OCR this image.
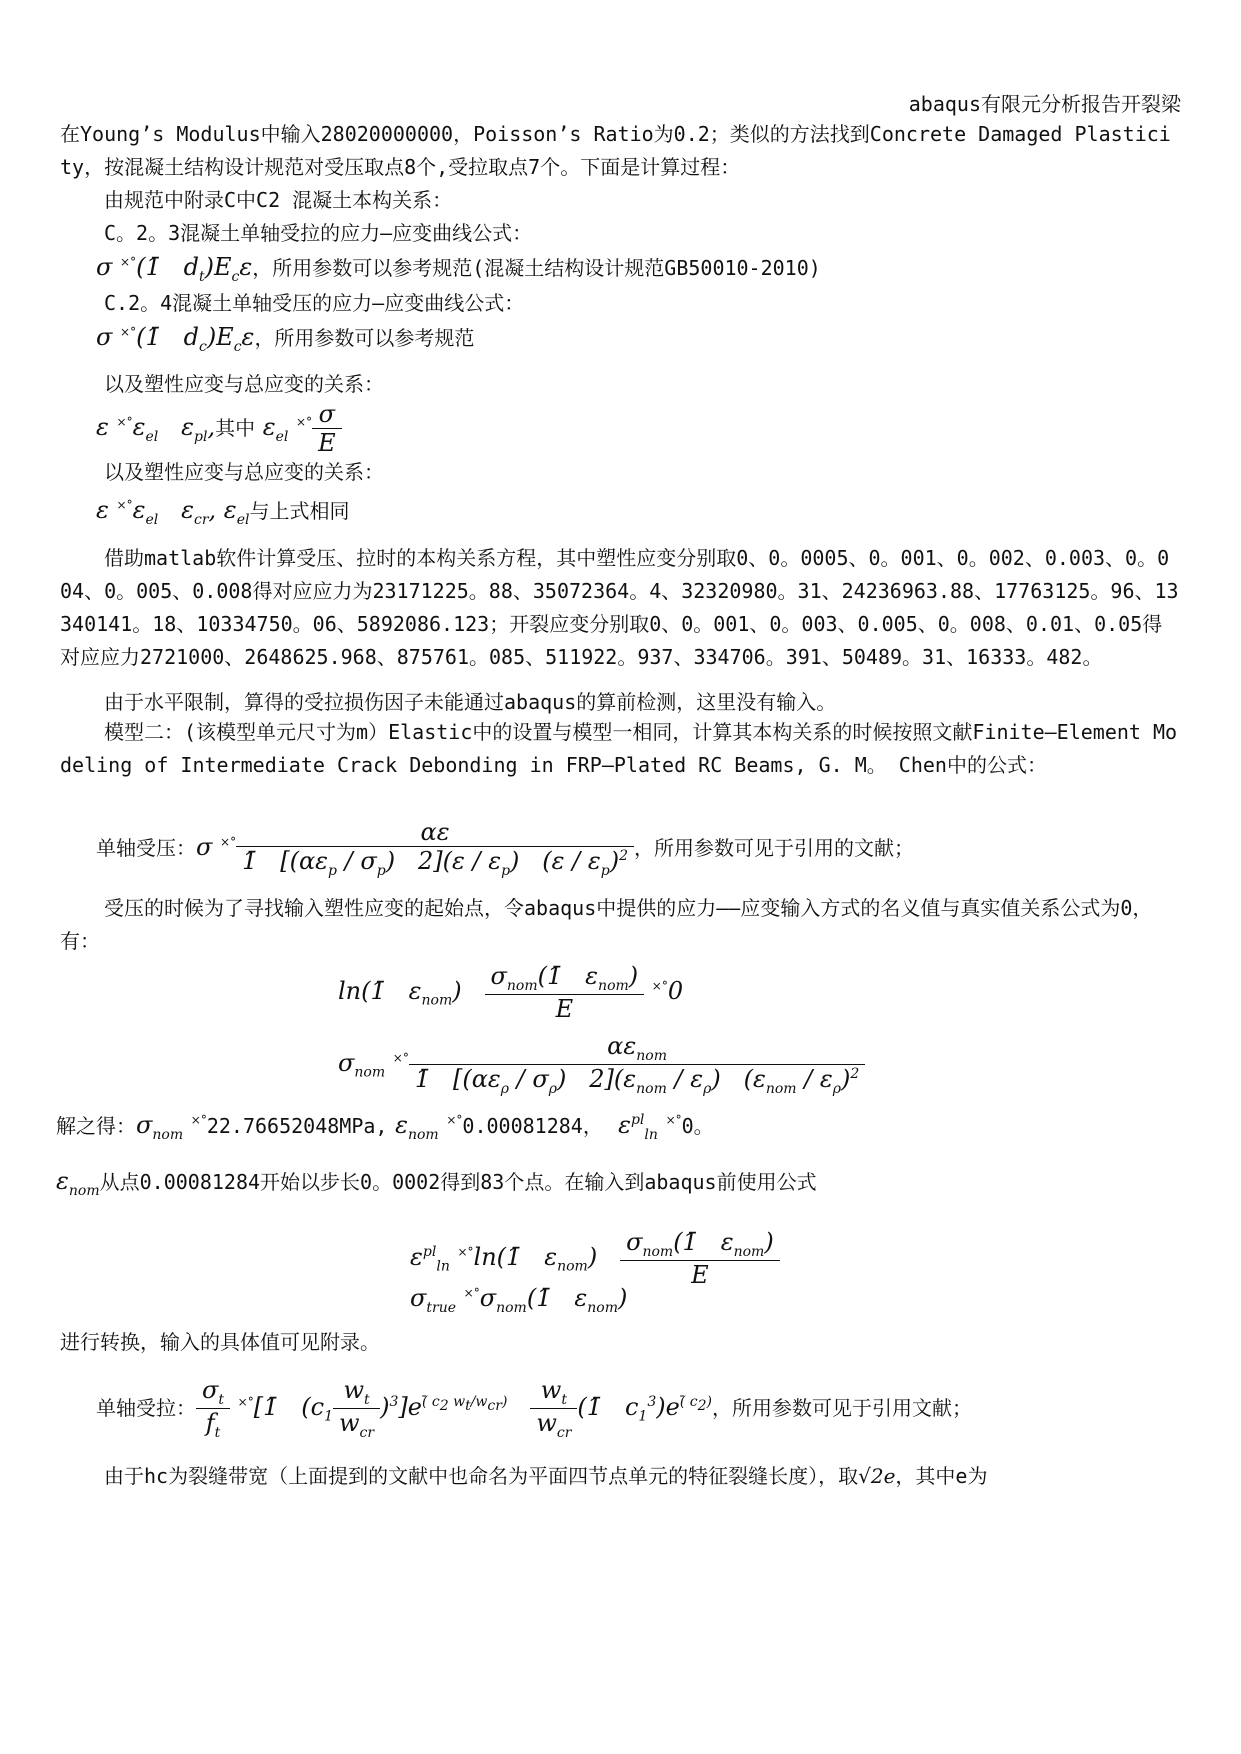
abaqus有限元分析报告开裂梁
在Young’s Modulus中输入28020000000，Poisson’s Ratio为0.2；类似的方法找到Concrete Damaged Plasticity，按混凝土结构设计规范对受压取点8个,受拉取点7个。下面是计算过程：
由规范中附录C中C2 混凝土本构关系：
C。2。3混凝土单轴受拉的应力—应变曲线公式：
σ ×°(1̄   $d_t)E_c\varepsilon$，所用参数可以参考规范(混凝土结构设计规范GB50010-2010)
C.2。4混凝土单轴受压的应力—应变曲线公式：
σ ×°(1̄   $d_c)E_c\varepsilon$，所用参数可以参考规范
以及塑性应变与总应变的关系：
ε $^{\times^\circ}\varepsilon_{el}$   $\varepsilon_{pl}$,其中 $\varepsilon_{el}$ $^{\times^\circ} \frac{\sigma}{E}$
以及塑性应变与总应变的关系：
ε $^{\times^\circ}\varepsilon_{el}$   $\varepsilon_{cr}$, $\varepsilon_{el}$与上式相同
借助matlab软件计算受压、拉时的本构关系方程，其中塑性应变分别取0、0。0005、0。001、0。002、0.003、0。004、0。005、0.008得对应应力为23171225。88、35072364。4、32320980。31、24236963.88、17763125。96、13340141。18、10334750。06、5892086.123；开裂应变分别取0、0。001、0。003、0.005、0。008、0.01、0.05得对应应力2721000、2648625.968、875761。085、511922。937、334706。391、50489。31、16333。482。
由于水平限制，算得的受拉损伤因子未能通过abaqus的算前检测，这里没有输入。
模型二：(该模型单元尺寸为m）Elastic中的设置与模型一相同，计算其本构关系的时候按照文献Finite—Element Modeling of Intermediate Crack Debonding in FRP—Plated RC Beams, G. M。 Chen中的公式：
单轴受压：σ $^{\times^\circ} \frac{\alpha\varepsilon}{1̄ [(\alpha\varepsilon_p / \sigma_p) 2](\varepsilon / \varepsilon_p) (\varepsilon / \varepsilon_p)^2}$ ，所用参数可见于引用的文献；
受压的时候为了寻找输入塑性应变的起始点，令abaqus中提供的应力——应变输入方式的名义值与真实值关系公式为0，有：
ln(1̄   $\varepsilon_{nom}) \frac{\sigma_{nom}(1̄ \varepsilon_{nom})}{E} ^{\times^\circ}0$
$\sigma_{nom}$ $^{\times^\circ} \frac{\alpha\varepsilon_{nom}}{1̄ [(\alpha\varepsilon_\rho / \sigma_\rho) 2](\varepsilon_{nom} / \varepsilon_\rho) (\varepsilon_{nom} / \varepsilon_\rho)^2}$
解之得：$\sigma_{nom}$ ×°22.76652048MPa, $\varepsilon_{nom}$ ×°0.00081284，  $\varepsilon^{pl}_{ln}$ ×°0。
$\varepsilon_{nom}$从点0.00081284开始以步长0。0002得到83个点。在输入到abaqus前使用公式
$\varepsilon^{pl}_{ln}$ ×°ln(1̄   $\varepsilon_{nom}) \frac{\sigma_{nom}(1̄ \varepsilon_{nom})}{E}$
$\sigma_{true}$ $^{\times^\circ}\sigma_{nom}(1̄$   $\varepsilon_{nom}$)
进行转换，输入的具体值可见附录。
单轴受拉： $\frac{\sigma_t}{f_t}$ ×°[1̄   $(c_1 \frac{w_t}{w_{cr}} )^3]e^{(̄ c_2 w_t/w_{cr})} \frac{w_t}{w_{cr}}$ (1̄   $c_1^3)e^{(̄ c_2)}$，所用参数可见于引用文献；
由于hc为裂缝带宽（上面提到的文献中也命名为平面四节点单元的特征裂缝长度），取√2e，其中e为
